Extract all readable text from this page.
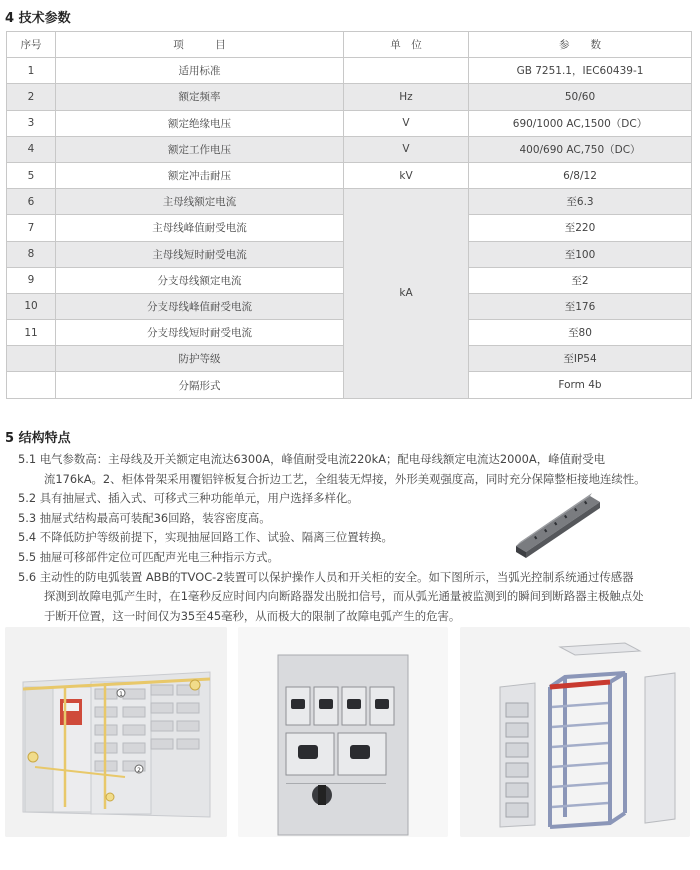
4 技术参数
序号	项　　　目	单　位	参　　数
1	适用标准		GB 7251.1，IEC60439-1
2	额定频率	Hz	50/60
3	额定绝缘电压	V	690/1000 AC,1500（DC）
4	额定工作电压	V	400/690 AC,750（DC）
5	额定冲击耐压	kV	6/8/12
6	主母线额定电流	kA	至6.3
7	主母线峰值耐受电流		至220
8	主母线短时耐受电流		至100
9	分支母线额定电流		至2
10	分支母线峰值耐受电流		至176
11	分支母线短时耐受电流		至80
	防护等级		至IP54
	分隔形式		Form 4b
5 结构特点

5.1 电气参数高：主母线及开关额定电流达6300A，峰值耐受电流220kA；配电母线额定电流达2000A，峰值耐受电

流176kA。2、柜体骨架采用覆铝锌板复合折边工艺，全组装无焊接，外形美观强度高，同时充分保障整柜接地连续性。

5.2 具有抽屉式、插入式、可移式三种功能单元，用户选择多样化。

5.3 抽屉式结构最高可装配36回路，装容密度高。

5.4 不降低防护等级前提下，实现抽屉回路工作、试验、隔离三位置转换。

5.5 抽屉可移部件定位可匹配声光电三种指示方式。

5.6 主动性的防电弧装置 ABB的TVOC-2装置可以保护操作人员和开关柜的安全。如下图所示，当弧光控制系统通过传感器

探测到故障电弧产生时，在1毫秒反应时间内向断路器发出脱扣信号，而从弧光通量被监测到的瞬间到断路器主极触点处

于断开位置，这一时间仅为35至45毫秒，从而极大的限制了故障电弧产生的危害。

1
2
